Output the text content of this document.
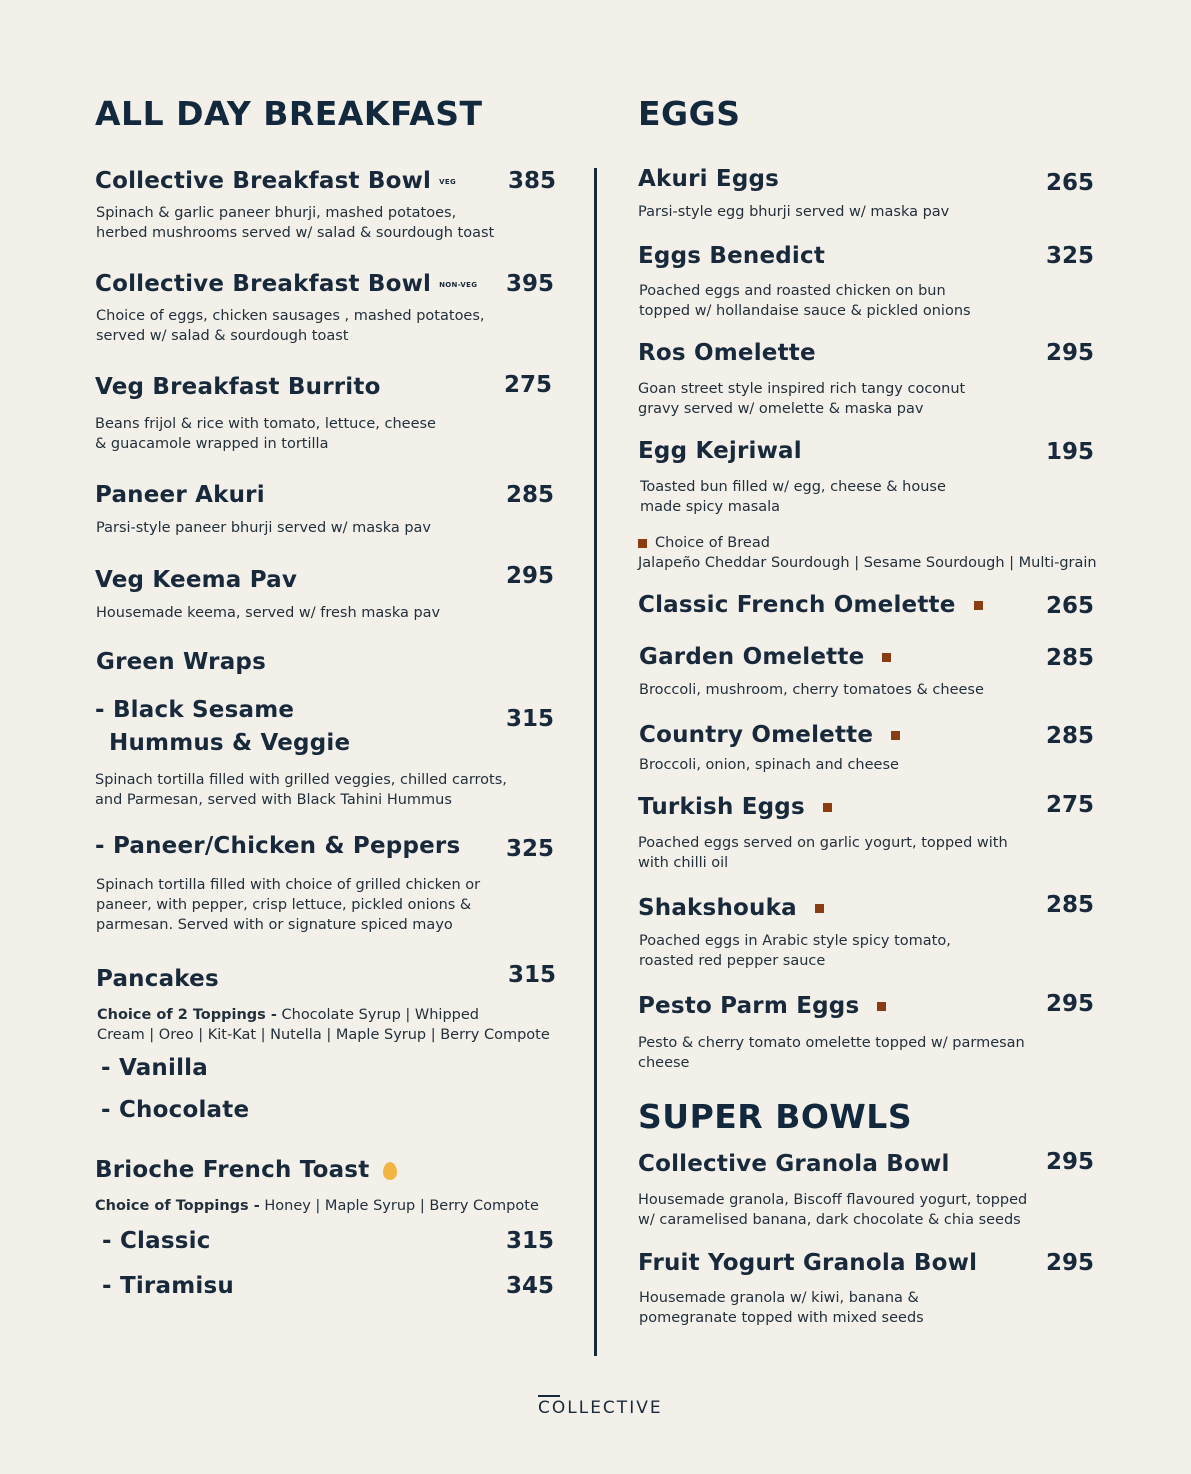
ALL DAY BREAKFAST
Collective Breakfast Bowl VEG	385
Spinach & garlic paneer bhurji, mashed potatoes,
herbed mushrooms served w/ salad & sourdough toast
Collective Breakfast Bowl NON-VEG	395
Choice of eggs, chicken sausages , mashed potatoes,
served w/ salad & sourdough toast
Veg Breakfast Burrito	275
Beans frijol & rice with tomato, lettuce, cheese
& guacamole wrapped in tortilla
Paneer Akuri	285
Parsi-style paneer bhurji served w/ maska pav
Veg Keema Pav	295
Housemade keema, served w/ fresh maska pav
Green Wraps
- Black Sesame
Hummus & Veggie
315
Spinach tortilla filled with grilled veggies, chilled carrots,
and Parmesan, served with Black Tahini Hummus
- Paneer/Chicken & Peppers	325
Spinach tortilla filled with choice of grilled chicken or
paneer, with pepper, crisp lettuce, pickled onions &
parmesan. Served with or signature spiced mayo
Pancakes	315
Choice of 2 Toppings - Chocolate Syrup | Whipped
Cream | Oreo | Kit-Kat | Nutella | Maple Syrup | Berry Compote
- Vanilla
- Chocolate
Brioche French Toast
Choice of Toppings - Honey | Maple Syrup | Berry Compote
- Classic	315
- Tiramisu	345
EGGS
Akuri Eggs	265
Parsi-style egg bhurji served w/ maska pav
Eggs Benedict	325
Poached eggs and roasted chicken on bun
topped w/ hollandaise sauce & pickled onions
Ros Omelette	295
Goan street style inspired rich tangy coconut
gravy served w/ omelette & maska pav
Egg Kejriwal	195
Toasted bun filled w/ egg, cheese & house
made spicy masala
Choice of Bread
Jalapeño Cheddar Sourdough | Sesame Sourdough | Multi-grain
Classic French Omelette	265
Garden Omelette	285
Broccoli, mushroom, cherry tomatoes & cheese
Country Omelette	285
Broccoli, onion, spinach and cheese
Turkish Eggs	275
Poached eggs served on garlic yogurt, topped with
with chilli oil
Shakshouka	285
Poached eggs in Arabic style spicy tomato,
roasted red pepper sauce
Pesto Parm Eggs	295
Pesto & cherry tomato omelette topped w/ parmesan
cheese
SUPER BOWLS
Collective Granola Bowl	295
Housemade granola, Biscoff flavoured yogurt, topped
w/ caramelised banana, dark chocolate & chia seeds
Fruit Yogurt Granola Bowl	295
Housemade granola w/ kiwi, banana &
pomegranate topped with mixed seeds
COLLECTIVE
